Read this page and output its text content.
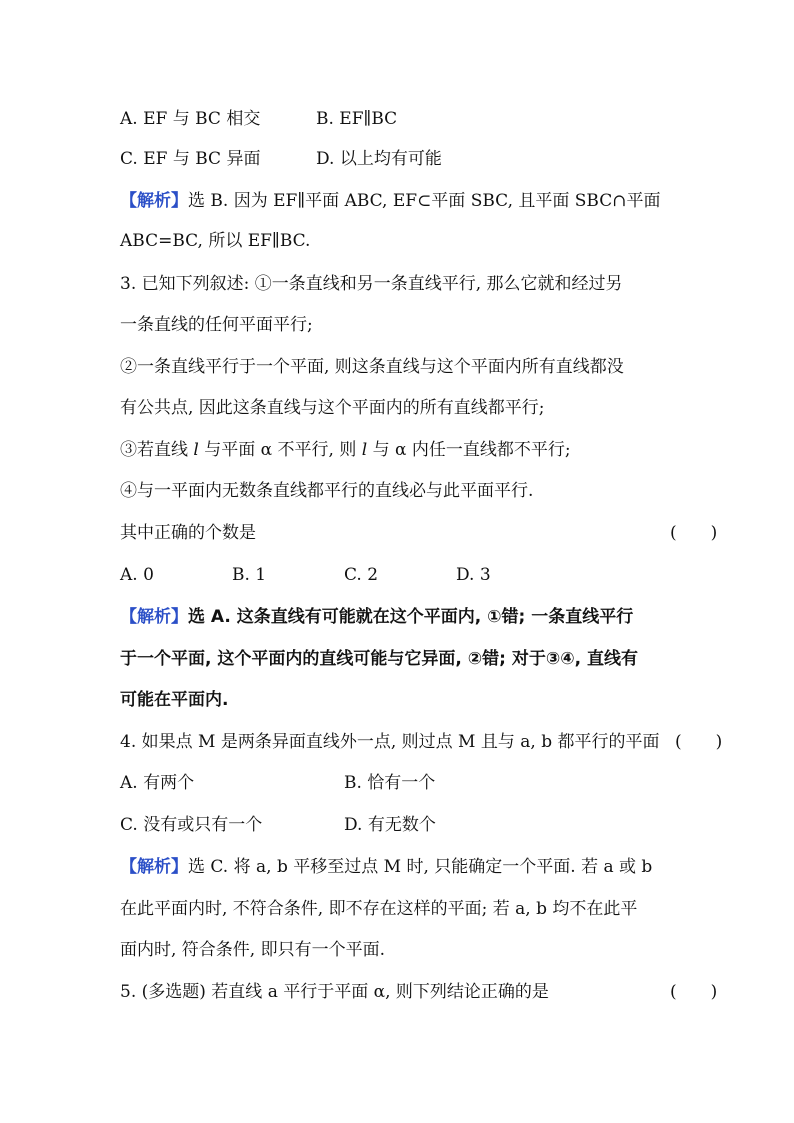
A. EF 与 BC 相交	B. EF∥BC
C. EF 与 BC 异面	D. 以上均有可能
【解析】选 B. 因为 EF∥平面 ABC, EF⊂平面 SBC, 且平面 SBC∩平面
ABC=BC, 所以 EF∥BC.
3. 已知下列叙述: ①一条直线和另一条直线平行, 那么它就和经过另
一条直线的任何平面平行;
②一条直线平行于一个平面, 则这条直线与这个平面内所有直线都没
有公共点, 因此这条直线与这个平面内的所有直线都平行;
③若直线 l 与平面 α 不平行, 则 l 与 α 内任一直线都不平行;
④与一平面内无数条直线都平行的直线必与此平面平行.
其中正确的个数是	(　　)
A. 0	B. 1	C. 2	D. 3
【解析】选 A. 这条直线有可能就在这个平面内, ①错; 一条直线平行
于一个平面, 这个平面内的直线可能与它异面, ②错; 对于③④, 直线有
可能在平面内.
4. 如果点 M 是两条异面直线外一点, 则过点 M 且与 a, b 都平行的平面 (　　)
A. 有两个	B. 恰有一个
C. 没有或只有一个	D. 有无数个
【解析】选 C. 将 a, b 平移至过点 M 时, 只能确定一个平面. 若 a 或 b
在此平面内时, 不符合条件, 即不存在这样的平面; 若 a, b 均不在此平
面内时, 符合条件, 即只有一个平面.
5. (多选题) 若直线 a 平行于平面 α, 则下列结论正确的是	(　　)
